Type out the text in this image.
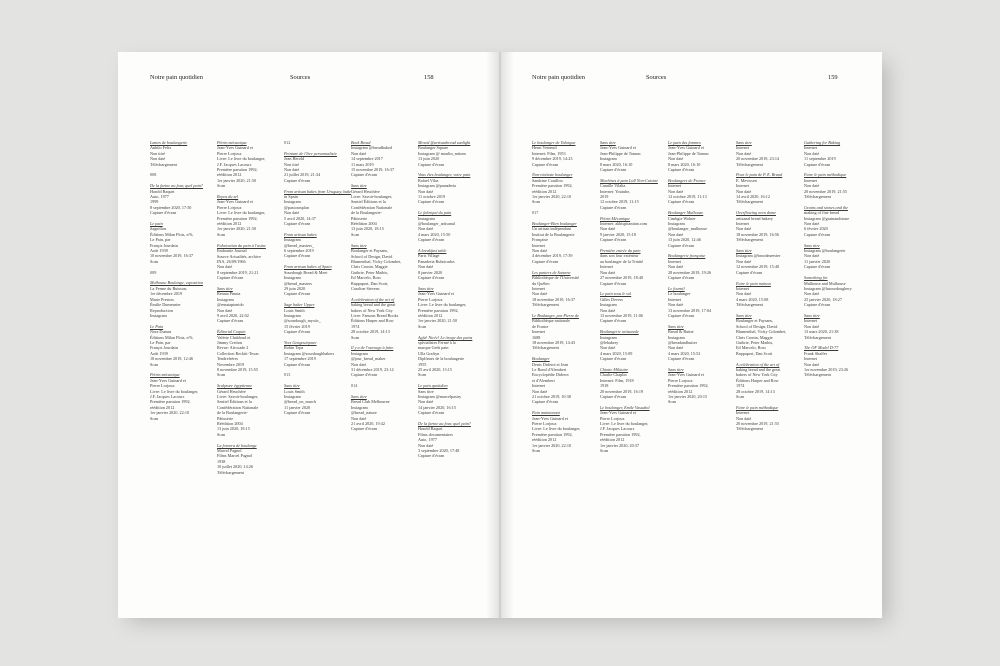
Notre pain quotidien	Sources	158
Lames de boulangerie
Aubilo Felix
Non titré
Non daté
Téléchargement
008
De la farine au four, quel pain?
Harold Baquet
Auto, 1977
1999
8 septembre 2020, 17:50
Capture d'écran
Le pain
Sagnillon
Éditions Milan Flots, n°6,
Le Pain, par
Françis Jourdain
Août 1939
10 novembre 2019, 16:37
Scan
009
Mulhouse Boulange, exposition
La Ferme du Buisson,
1er décembre 2019
Marie Preston
Émilie Dumesnier
Reproduction
Instagram
Le Pain
Nora Dumas
Éditions Milan Flots, n°6,
Le Pain, par
Françis Jourdain
Août 1939
18 novembre 2019, 12:46
Scan
Pétrin mécanique
Jean-Yves Guinard et
Pierre Lorjoux
Livre: Le livre du boulanger,
J.F. Jacques Lacours
Première parution 1992,
réédition 2012
1er janvier 2020, 22:10
Scan
Pétrin mécanique
Jean-Yves Guinard et
Pierre Lorjoux
Livre: Le livre du boulanger,
J.F. Jacques Lacours
Première parution 1992,
réédition 2012
1er janvier 2020, 21:50
Scan
Repos du sel
Jean-Yves Guinard et
Pierre Lorjoux
Livre: Le livre du boulanger,
Première parution 1992,
réédition 2012
1er janvier 2020, 21:50
Scan
Fabrication du pain à l'usine
Emboutie Journal
Source Actualités, archive
INA, 26/09/1966
Non daté
8 septembre 2019, 21:21
Capture d'écran
Sans titre
Renata Pinnia
Instagram
@renatapineido
Non daté
9 avril 2020, 22:02
Capture d'écran
Éditorial Coquin
Valérie Chabloud et
Jimmy Cretton
Revue: Afrocade 2
Collection Reckitt-Texas
Tendrefrères
Novembre 2019
8 novembre 2019, 15:55
Scan
Sculpture égyptienne
Gérard Heuchère
Livre: Savoir-boulanger,
Sentiel Éditions et la
Confédération Nationale
de la Boulangerie-
Pâtisserie
Réédition 2004
13 juin 2020, 18:15
Scan
La fornera de boulange
Marcel Pagnol
Films Marcel Pagnol
1938
10 juillet 2020, 14:26
Téléchargement
012
Peinture de l'être personnalisée
Jean Herold
Non titré
Non daté
21 juillet 2019, 21:34
Capture d'écran
From artisan bakes from Uruguay, bake
in Spain
Instagram
@pastorasplan
Non daté
5 avril 2020, 14:37
Capture d'écran
From artisan bakes
Instagram
@bread_masters_
6 septembre 2019
Capture d'écran
From artisan bakes of Spain
Sourdough Bread & Meet
Instagram
@bread_masters
29 juin 2020
Capture d'écran
Sage baker Upper
Louis Smith
Instagram
@sourdough_mystic_
15 février 2019
Capture d'écran
Yves Gengeuinpave
Robin Tepa
Instagram @sourdoughbakers
17 septembre 2019
Capture d'écran
013
Sans titre
Louis Smith
Instagram
@bread_on_march
11 janvier 2020
Capture d'écran
Bock Bread
Instagram @breadbaked
Non daté
14 septembre 2017
11 mars 2019
15 novembre 2019, 16:37
Capture d'écran
Sans titre
Gérard Heuchère
Livre: Savoir-boulanger,
Sentiel Éditions et la
Confédération Nationale
de la Boulangerie-
Pâtisserie
Réédition 2004
13 juin 2020, 18:15
Scan
Sans titre
Boulanger et Paysans,
School of Design, David
Blumenthal, Vicky Colombet,
Chris Cronin, Maggie
Guthrie, Peter Mathis,
Ed Marcelo, Ross
Rappaport, Dan Scott,
Caroline Stevens
A celebration of the art of
baking bread and the great
bakers of New York City
Livre: Famous Bread Books
Éditions Harper and Row
1974
28 octobre 2019, 14:13
Scan
Il y a de l'ouvrage à faire
Instagram
@jour_bread_maker
Non daté
31 décembre 2019, 23:14
Capture d'écran
014
Sans titre
Bread Club Melbourne
Instagram
@bread_nature
Non daté
21 avril 2020, 19:42
Capture d'écran
Moved @artisanbread sunlight
Boulanger Square
Instagram @ moulin_mitons
13 juin 2020
Capture d'écran
Vous êtes boulanger, votre pain
Rafael Vilas
Instagram @panaderia
Non daté
11 octobre 2019
Capture d'écran
Le fabriqué du pain
Instagram
@boulanger_artisanal
Non daté
4 mars 2020, 15:50
Capture d'écran
A breakfast table
Paris Village
Panaderia Rubricados
Non daté
8 janvier 2020
Capture d'écran
Sans titre
Jean-Yves Guinard et
Pierre Lorjoux
Livre: Le livre du boulanger,
Première parution 1992,
réédition 2012
1er janvier 2020, 21:50
Scan
Agfa! Nicée! Le tirage des pains
spécialistes Fermé à la
marque Gréti pain
Ulla Graftyn
Diplômes de la boulangerie
1955
25 avril 2020, 13:15
Scan
Le pain quotidien
Sans titre
Instagram @marcelpastry
Non daté
14 janvier 2020, 16:15
Capture d'écran
De la farine au four, quel pain?
Harold Baquet
Films documentaires
Auto, 1977
Non daté
3 septembre 2020, 17:48
Capture d'écran
Notre pain quotidien	Sources	159
Le boulanger de Valorgue
Henri Verneuil
Internet: Film, 1953
9 décembre 2019, 14:23
Capture d'écran
Non-cinéaste boulanger
Sandrine Couillou
Première parution 1992,
réédition 2012
1er janvier 2020, 22:10
Scan
017
Boulanger-Bien boulanger
Un artisan indépendant
Institut de la Boulangerie
Française
Internet
Non daté
4 décembre 2019, 17:39
Capture d'écran
Les paniers de Saturne
Bibliothèque de l'Université
du Québec
Internet
Non daté
18 novembre 2019, 16:37
Téléchargement
Le Boulanger, par Pierre de
Bibliothèque nationale
de France
Internet
1688
18 novembre 2019, 14:43
Téléchargement
Boulanger
Denis Diderot et Jean
Le Rond d'Alembert
Encyclopédie Diderot
et d'Alembert
Internet
Non daté
21 octobre 2019, 10:38
Capture d'écran
Pain maintenant
Jean-Yves Guinard et
Pierre Lorjoux
Livre: Le livre du boulanger,
Première parution 1992,
réédition 2012
1er janvier 2020, 22:10
Scan
Sans titre
Jean-Yves Guinard et
Jean-Philippe de Tonnac
Instagram
8 mars 2020, 16:10
Capture d'écran
Machines à pain Lidl Non-Cuisine
Camille Vilalta
Internet: Youtube,
2019
12 octobre 2019, 11:15
Capture d'écran
Pétrin Mécanique
Internet: akhispitanitan.com
Non daté
9 janvier 2020, 15:18
Capture d'écran
Première entrée du pain
dans son four extérieur
au boulanger de la Trinité
Internet
Non daté
27 novembre 2019, 18:40
Capture d'écran
Le pain sous le sol
Gilles Devers
Instagram
Non daté
13 novembre 2019, 11:06
Capture d'écran
Boulangerie artisanale
Instagram
@lebakery
Non daté
4 mars 2020, 15:09
Capture d'écran
Chiotte Militaire
Charlie Chaplin
Internet: Film, 1918
1918
20 novembre 2019, 16:19
Capture d'écran
Le boulanger, Emile Vassakol
Jean-Yves Guinard et
Pierre Lorjoux
Livre: Le livre du boulanger,
J.F. Jacques Lacours
Première parution 1992,
réédition 2012
1er janvier 2020, 20:37
Scan
Le pain des femmes
Jean-Yves Guinard et
Jean-Philippe de Tonnac
Non daté
8 mars 2020, 16:10
Capture d'écran
Boulangers de France
Internet
Non daté
12 octobre 2019, 11:13
Capture d'écran
Boulanger Mulhouse
Cimbgie Wolner
Instagram
@boulanger_mulhouse
Non daté
13 juin 2020, 12:46
Capture d'écran
Boulangerie française
Internet
Non daté
28 novembre 2019, 19:26
Capture d'écran
Le fournil
Le boulanger
Internet
Non daté
13 novembre 2019, 17:04
Capture d'écran
Sans titre
Bread & Butter
Instagram
@breadandbutter
Non daté
4 mars 2020, 15:52
Capture d'écran
Sans titre
Jean-Yves Guinard et
Pierre Lorjoux
Première parution 1992,
réédition 2012
1er janvier 2020, 20:15
Scan
Sans titre
Internet
Non daté
20 novembre 2019, 23:14
Téléchargement
Pour le pain de P. E. Brand
E. Mevissen
Internet
Non daté
14 avril 2020, 16:12
Téléchargement
Overflowing oven dome
artisanal bread bakery
Internet
Non daté
18 novembre 2019, 16:56
Téléchargement
Sans titre
Instagram @broodmeester
Non daté
12 novembre 2019, 15:40
Capture d'écran
Faire le pain maison
Internet
Non daté
4 mars 2020, 15:08
Téléchargement
Sans titre
Boulanger et Paysans,
School of Design, David
Blumenthal, Vicky Colombet,
Chris Cronin, Maggie
Guthrie, Peter Mathis,
Ed Marcelo, Ross
Rappaport, Dan Scott
A celebration of the art of
baking bread and the great
bakers of New York City
Éditions Harper and Row
1974
28 octobre 2019, 14:13
Scan
Faire le pain méthodique
Internet
Non daté
20 novembre 2019, 21:55
Téléchargement
Gathering for Baking
Internet
Non daté
11 septembre 2019
Capture d'écran
Faire le pain méthodique
Internet
Non daté
20 novembre 2019, 21:55
Téléchargement
Grains and stones and the
making of fine bread
Instagram @grainandstone
Non daté
6 février 2020
Capture d'écran
Sans titre
Instagram @boulangerie
Non daté
11 janvier 2020
Capture d'écran
Something for
Mulhouse and Mulhouse
Instagram @lasourdoughery
Non daté
25 janvier 2020, 18:27
Capture d'écran
Sans titre
Internet
Non daté
13 mars 2020, 21:38
Téléchargement
The OF Model D-77
Frank Shaffer
Internet
Non daté
1er novembre 2019, 23:26
Téléchargement
